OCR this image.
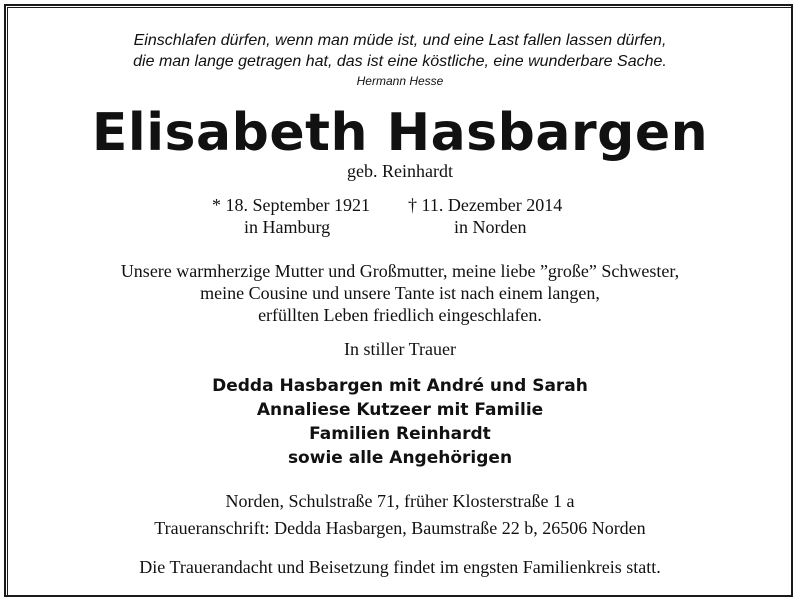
Einschlafen dürfen, wenn man müde ist, und eine Last fallen lassen dürfen,
die man lange getragen hat, das ist eine köstliche, eine wunderbare Sache.
Hermann Hesse
Elisabeth Hasbargen
geb. Reinhardt
* 18. September 1921
in Hamburg
† 11. Dezember 2014
in Norden
Unsere warmherzige Mutter und Großmutter, meine liebe ”große” Schwester,
meine Cousine und unsere Tante ist nach einem langen,
erfüllten Leben friedlich eingeschlafen.
In stiller Trauer
Dedda Hasbargen mit André und Sarah
Annaliese Kutzeer mit Familie
Familien Reinhardt
sowie alle Angehörigen
Norden, Schulstraße 71, früher Klosterstraße 1 a
Traueranschrift: Dedda Hasbargen, Baumstraße 22 b, 26506 Norden
Die Trauerandacht und Beisetzung findet im engsten Familienkreis statt.
